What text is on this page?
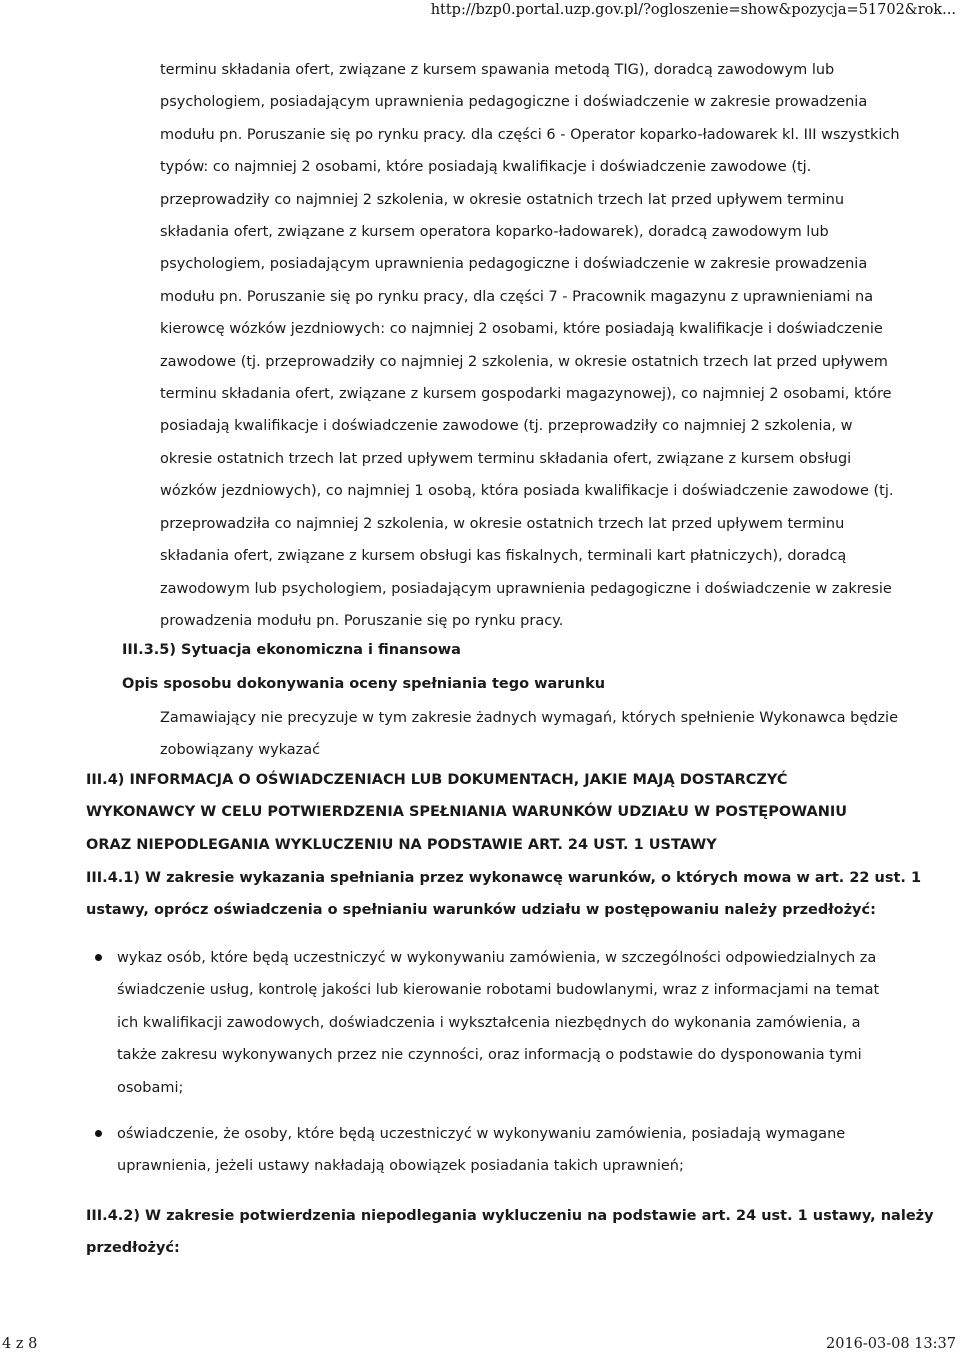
http://bzp0.portal.uzp.gov.pl/?ogloszenie=show&pozycja=51702&rok...
terminu składania ofert, związane z kursem spawania metodą TIG), doradcą zawodowym lub
psychologiem, posiadającym uprawnienia pedagogiczne i doświadczenie w zakresie prowadzenia
modułu pn. Poruszanie się po rynku pracy. dla części 6 - Operator koparko-ładowarek kl. III wszystkich
typów: co najmniej 2 osobami, które posiadają kwalifikacje i doświadczenie zawodowe (tj.
przeprowadziły co najmniej 2 szkolenia, w okresie ostatnich trzech lat przed upływem terminu
składania ofert, związane z kursem operatora koparko-ładowarek), doradcą zawodowym lub
psychologiem, posiadającym uprawnienia pedagogiczne i doświadczenie w zakresie prowadzenia
modułu pn. Poruszanie się po rynku pracy, dla części 7 - Pracownik magazynu z uprawnieniami na
kierowcę wózków jezdniowych: co najmniej 2 osobami, które posiadają kwalifikacje i doświadczenie
zawodowe (tj. przeprowadziły co najmniej 2 szkolenia, w okresie ostatnich trzech lat przed upływem
terminu składania ofert, związane z kursem gospodarki magazynowej), co najmniej 2 osobami, które
posiadają kwalifikacje i doświadczenie zawodowe (tj. przeprowadziły co najmniej 2 szkolenia, w
okresie ostatnich trzech lat przed upływem terminu składania ofert, związane z kursem obsługi
wózków jezdniowych), co najmniej 1 osobą, która posiada kwalifikacje i doświadczenie zawodowe (tj.
przeprowadziła co najmniej 2 szkolenia, w okresie ostatnich trzech lat przed upływem terminu
składania ofert, związane z kursem obsługi kas fiskalnych, terminali kart płatniczych), doradcą
zawodowym lub psychologiem, posiadającym uprawnienia pedagogiczne i doświadczenie w zakresie
prowadzenia modułu pn. Poruszanie się po rynku pracy.
III.3.5) Sytuacja ekonomiczna i finansowa
Opis sposobu dokonywania oceny spełniania tego warunku
Zamawiający nie precyzuje w tym zakresie żadnych wymagań, których spełnienie Wykonawca będzie
zobowiązany wykazać
III.4) INFORMACJA O OŚWIADCZENIACH LUB DOKUMENTACH, JAKIE MAJĄ DOSTARCZYĆ
WYKONAWCY W CELU POTWIERDZENIA SPEŁNIANIA WARUNKÓW UDZIAŁU W POSTĘPOWANIU
ORAZ NIEPODLEGANIA WYKLUCZENIU NA PODSTAWIE ART. 24 UST. 1 USTAWY
III.4.1) W zakresie wykazania spełniania przez wykonawcę warunków, o których mowa w art. 22 ust. 1
ustawy, oprócz oświadczenia o spełnianiu warunków udziału w postępowaniu należy przedłożyć:
wykaz osób, które będą uczestniczyć w wykonywaniu zamówienia, w szczególności odpowiedzialnych za
świadczenie usług, kontrolę jakości lub kierowanie robotami budowlanymi, wraz z informacjami na temat
ich kwalifikacji zawodowych, doświadczenia i wykształcenia niezbędnych do wykonania zamówienia, a
także zakresu wykonywanych przez nie czynności, oraz informacją o podstawie do dysponowania tymi
osobami;
oświadczenie, że osoby, które będą uczestniczyć w wykonywaniu zamówienia, posiadają wymagane
uprawnienia, jeżeli ustawy nakładają obowiązek posiadania takich uprawnień;
III.4.2) W zakresie potwierdzenia niepodlegania wykluczeniu na podstawie art. 24 ust. 1 ustawy, należy
przedłożyć:
4 z 8	2016-03-08 13:37
